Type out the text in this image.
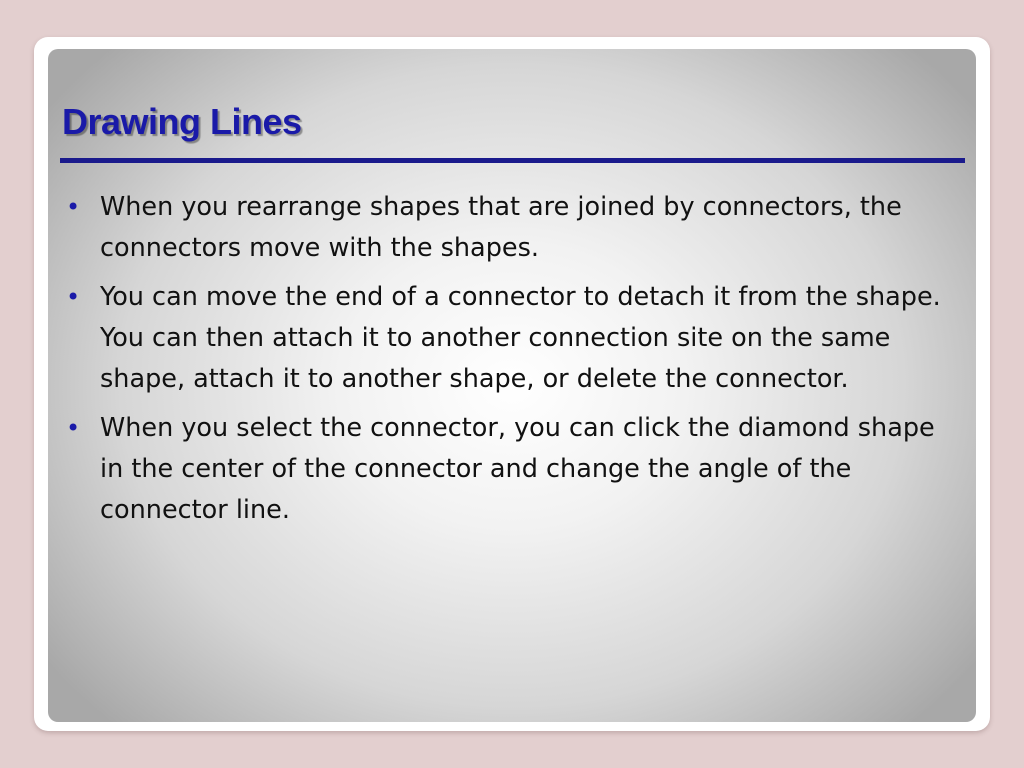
Drawing Lines
• When you rearrange shapes that are joined by connectors, the connectors move with the shapes.
• You can move the end of a connector to detach it from the shape. You can then attach it to another connection site on the same shape, attach it to another shape, or delete the connector.
• When you select the connector, you can click the diamond shape in the center of the connector and change the angle of the connector line.
